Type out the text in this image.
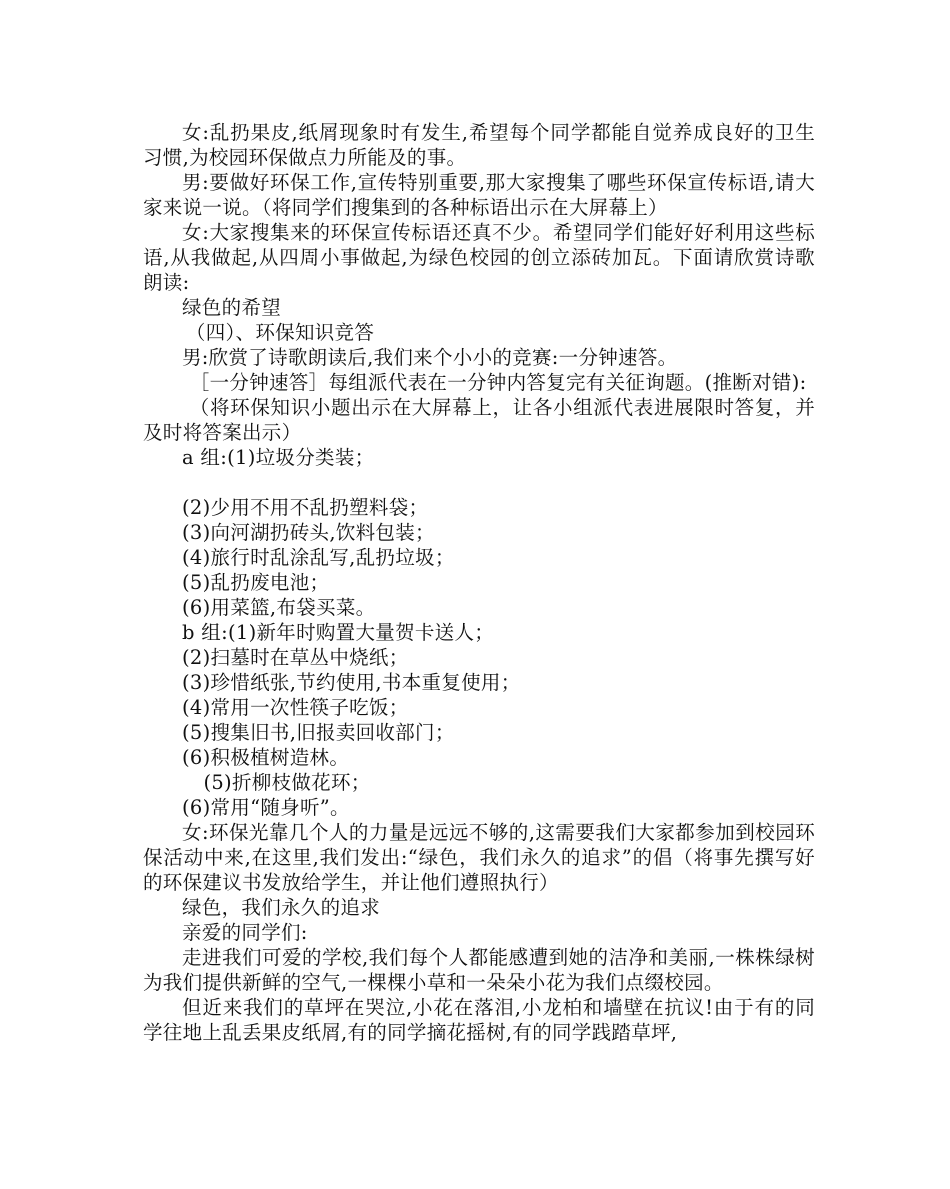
女:乱扔果皮,纸屑现象时有发生,希望每个同学都能自觉养成良好的卫生习惯,为校园环保做点力所能及的事。

男:要做好环保工作,宣传特别重要,那大家搜集了哪些环保宣传标语,请大家来说一说。（将同学们搜集到的各种标语出示在大屏幕上）

女:大家搜集来的环保宣传标语还真不少。希望同学们能好好利用这些标语,从我做起,从四周小事做起,为绿色校园的创立添砖加瓦。下面请欣赏诗歌朗读:

绿色的希望

（四）、环保知识竞答

男:欣赏了诗歌朗读后,我们来个小小的竞赛:一分钟速答。

［一分钟速答］每组派代表在一分钟内答复完有关征询题。(推断对错):

（将环保知识小题出示在大屏幕上，让各小组派代表进展限时答复，并及时将答案出示）

a 组:(1)垃圾分类装；

(2)少用不用不乱扔塑料袋；

(3)向河湖扔砖头,饮料包装；

(4)旅行时乱涂乱写,乱扔垃圾；

(5)乱扔废电池；

(6)用菜篮,布袋买菜。

b 组:(1)新年时购置大量贺卡送人；

(2)扫墓时在草丛中烧纸；

(3)珍惜纸张,节约使用,书本重复使用；

(4)常用一次性筷子吃饭；

(5)搜集旧书,旧报卖回收部门；

(6)积极植树造林。

(5)折柳枝做花环；

(6)常用“随身听”。

女:环保光靠几个人的力量是远远不够的,这需要我们大家都参加到校园环保活动中来,在这里,我们发出:“绿色，我们永久的追求”的倡（将事先撰写好的环保建议书发放给学生，并让他们遵照执行）

绿色，我们永久的追求

亲爱的同学们:

走进我们可爱的学校,我们每个人都能感遭到她的洁净和美丽,一株株绿树为我们提供新鲜的空气,一棵棵小草和一朵朵小花为我们点缀校园。

但近来我们的草坪在哭泣,小花在落泪,小龙柏和墙壁在抗议!由于有的同学往地上乱丢果皮纸屑,有的同学摘花摇树,有的同学践踏草坪,
